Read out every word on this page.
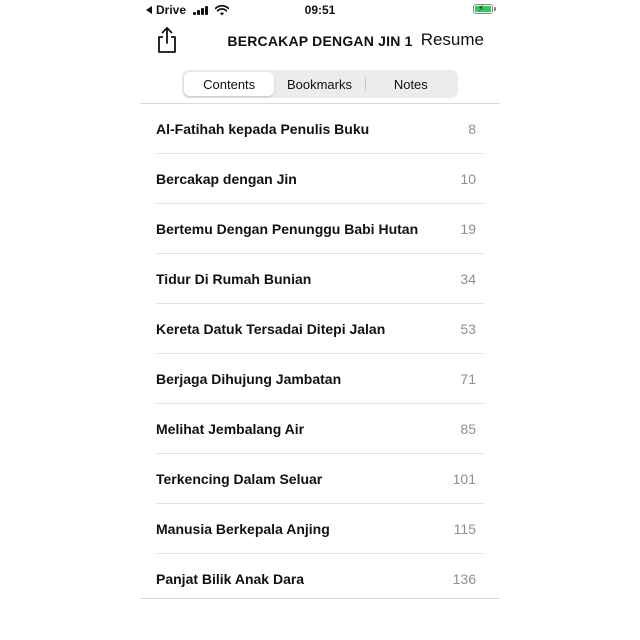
Drive	09:51	⚡
BERCAKAP DENGAN JIN 1 Resume
Contents	Bookmarks	Notes
Al-Fatihah kepada Penulis Buku	8
Bercakap dengan Jin	10
Bertemu Dengan Penunggu Babi Hutan	19
Tidur Di Rumah Bunian	34
Kereta Datuk Tersadai Ditepi Jalan	53
Berjaga Dihujung Jambatan	71
Melihat Jembalang Air	85
Terkencing Dalam Seluar	101
Manusia Berkepala Anjing	115
Panjat Bilik Anak Dara	136
